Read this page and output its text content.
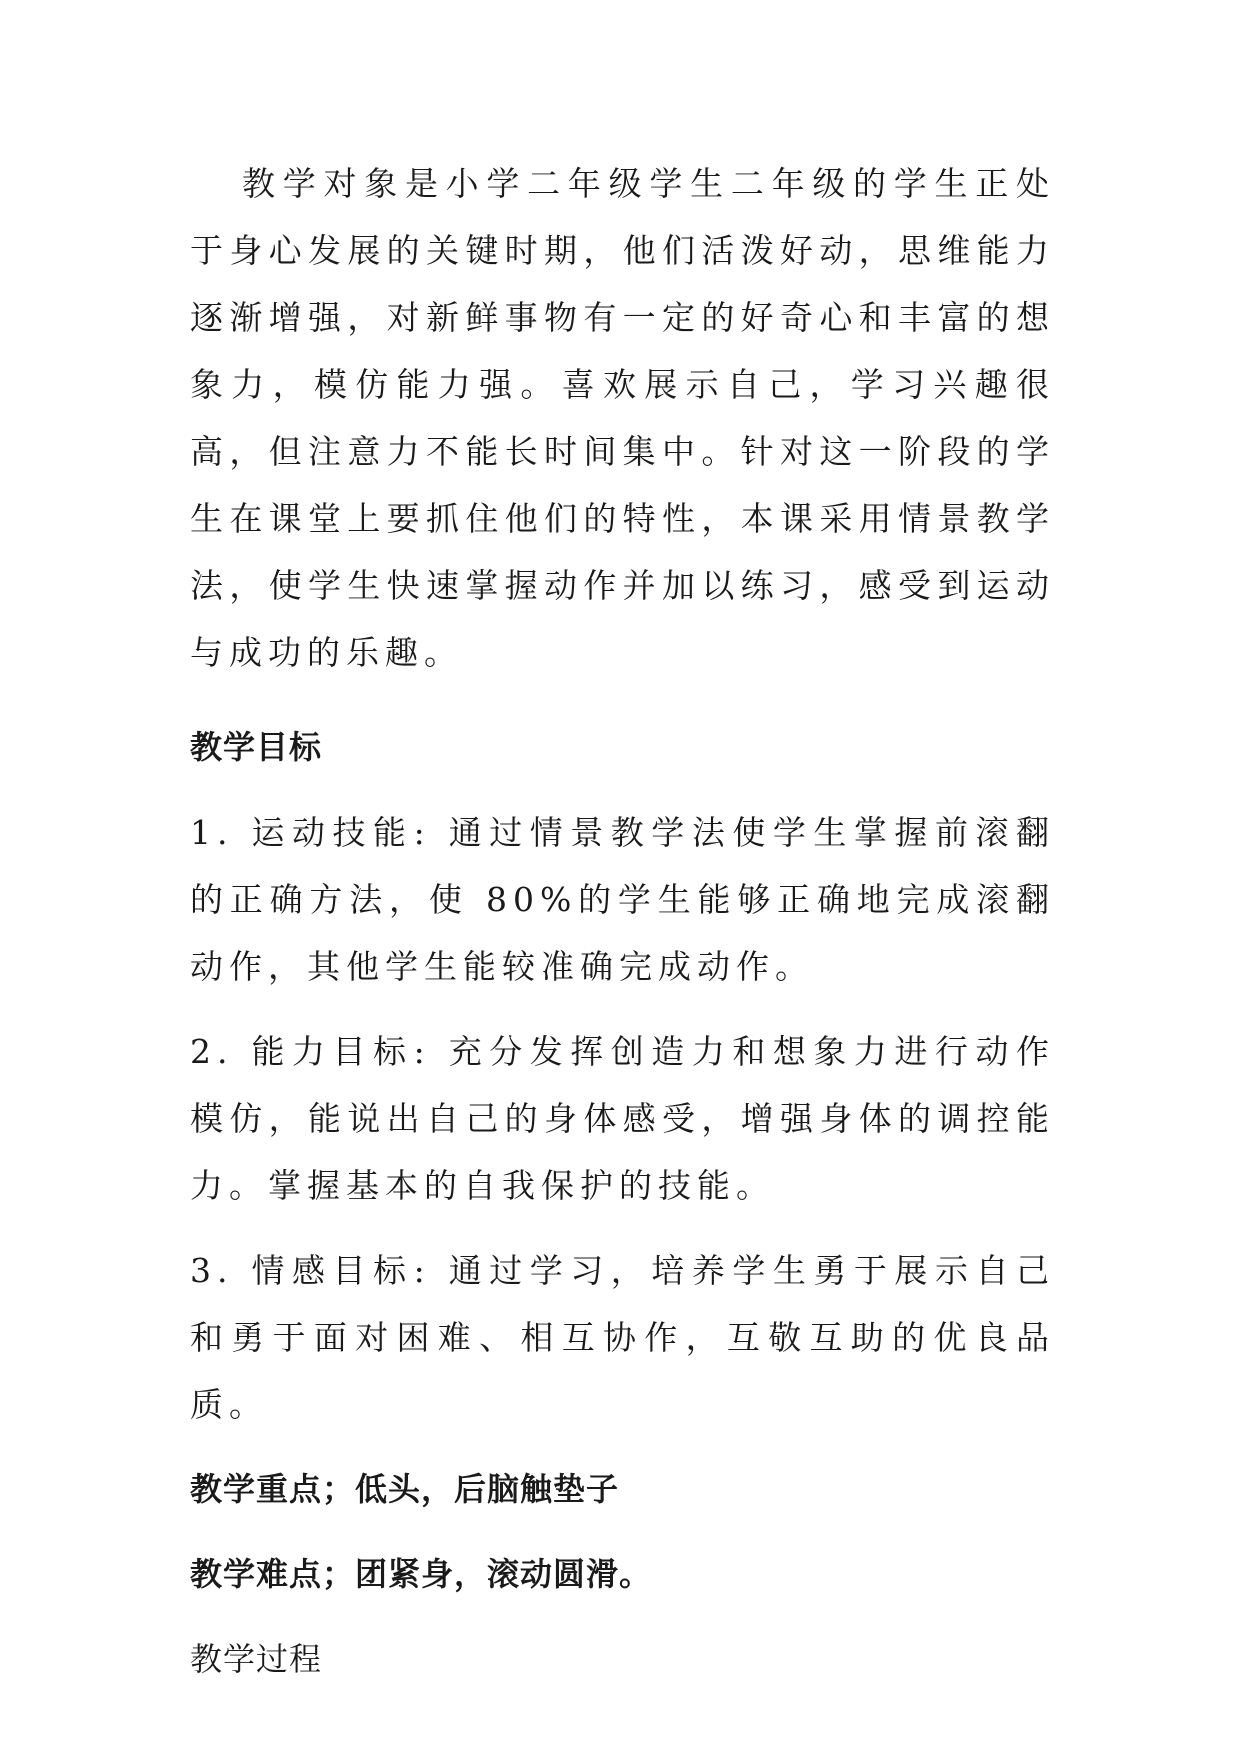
教学对象是小学二年级学生二年级的学生正处于身心发展的关键时期，他们活泼好动，思维能力逐渐增强，对新鲜事物有一定的好奇心和丰富的想象力，模仿能力强。喜欢展示自己，学习兴趣很高，但注意力不能长时间集中。针对这一阶段的学生在课堂上要抓住他们的特性，本课采用情景教学法，使学生快速掌握动作并加以练习，感受到运动与成功的乐趣。

教学目标

1. 运动技能: 通过情景教学法使学生掌握前滚翻的正确方法，使 80%的学生能够正确地完成滚翻动作，其他学生能较准确完成动作。

2. 能力目标: 充分发挥创造力和想象力进行动作模仿，能说出自己的身体感受，增强身体的调控能力。掌握基本的自我保护的技能。

3. 情感目标: 通过学习，培养学生勇于展示自己和勇于面对困难、相互协作，互敬互助的优良品质。

教学重点；低头，后脑触垫子

教学难点；团紧身，滚动圆滑。

教学过程
